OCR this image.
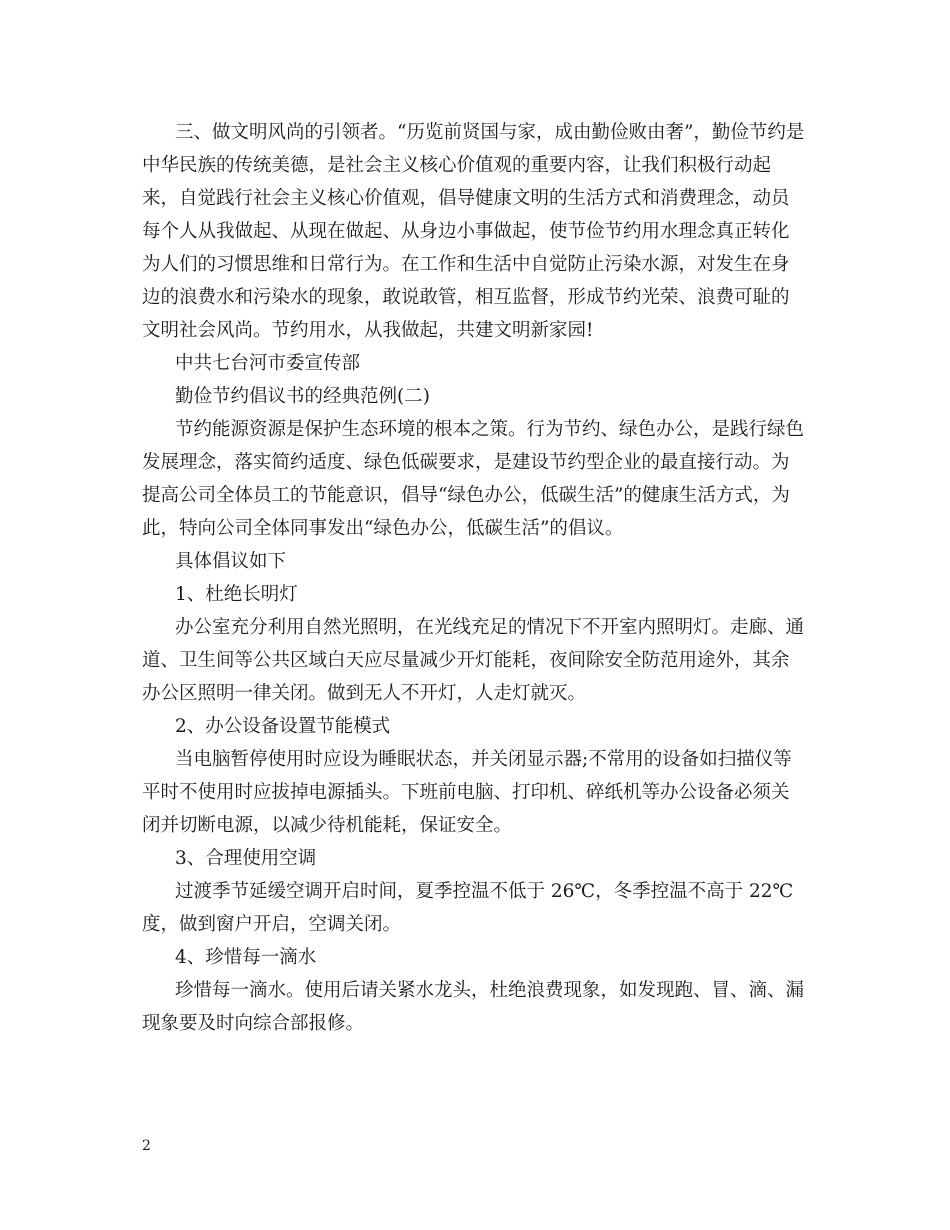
三、做文明风尚的引领者。“历览前贤国与家，成由勤俭败由奢”，勤俭节约是中华民族的传统美德，是社会主义核心价值观的重要内容，让我们积极行动起来，自觉践行社会主义核心价值观，倡导健康文明的生活方式和消费理念，动员每个人从我做起、从现在做起、从身边小事做起，使节俭节约用水理念真正转化为人们的习惯思维和日常行为。在工作和生活中自觉防止污染水源，对发生在身边的浪费水和污染水的现象，敢说敢管，相互监督，形成节约光荣、浪费可耻的文明社会风尚。节约用水，从我做起，共建文明新家园!

中共七台河市委宣传部

勤俭节约倡议书的经典范例(二)

节约能源资源是保护生态环境的根本之策。行为节约、绿色办公，是践行绿色发展理念，落实简约适度、绿色低碳要求，是建设节约型企业的最直接行动。为提高公司全体员工的节能意识，倡导“绿色办公，低碳生活”的健康生活方式，为此，特向公司全体同事发出“绿色办公，低碳生活”的倡议。

具体倡议如下

1、杜绝长明灯

办公室充分利用自然光照明，在光线充足的情况下不开室内照明灯。走廊、通道、卫生间等公共区域白天应尽量减少开灯能耗，夜间除安全防范用途外，其余办公区照明一律关闭。做到无人不开灯，人走灯就灭。

2、办公设备设置节能模式

当电脑暂停使用时应设为睡眠状态，并关闭显示器;不常用的设备如扫描仪等平时不使用时应拔掉电源插头。下班前电脑、打印机、碎纸机等办公设备必须关闭并切断电源，以减少待机能耗，保证安全。

3、合理使用空调

过渡季节延缓空调开启时间，夏季控温不低于 26℃，冬季控温不高于 22℃度，做到窗户开启，空调关闭。

4、珍惜每一滴水

珍惜每一滴水。使用后请关紧水龙头，杜绝浪费现象，如发现跑、冒、滴、漏现象要及时向综合部报修。

2
